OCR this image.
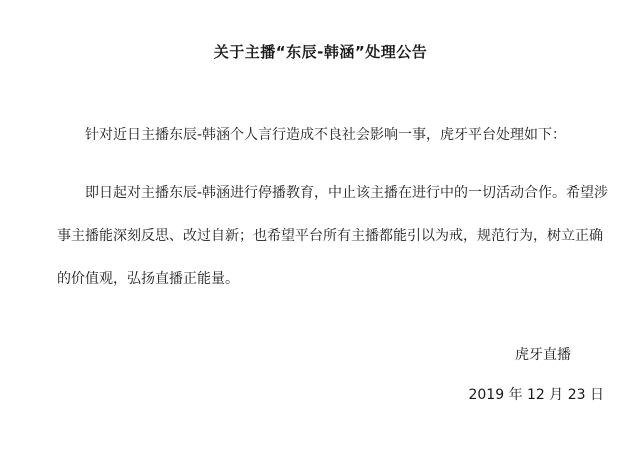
关于主播“东辰-韩涵”处理公告

针对近日主播东辰-韩涵个人言行造成不良社会影响一事，虎牙平台处理如下：

即日起对主播东辰-韩涵进行停播教育，中止该主播在进行中的一切活动合作。希望涉事主播能深刻反思、改过自新；也希望平台所有主播都能引以为戒，规范行为，树立正确的价值观，弘扬直播正能量。

虎牙直播
2019 年 12 月 23 日
